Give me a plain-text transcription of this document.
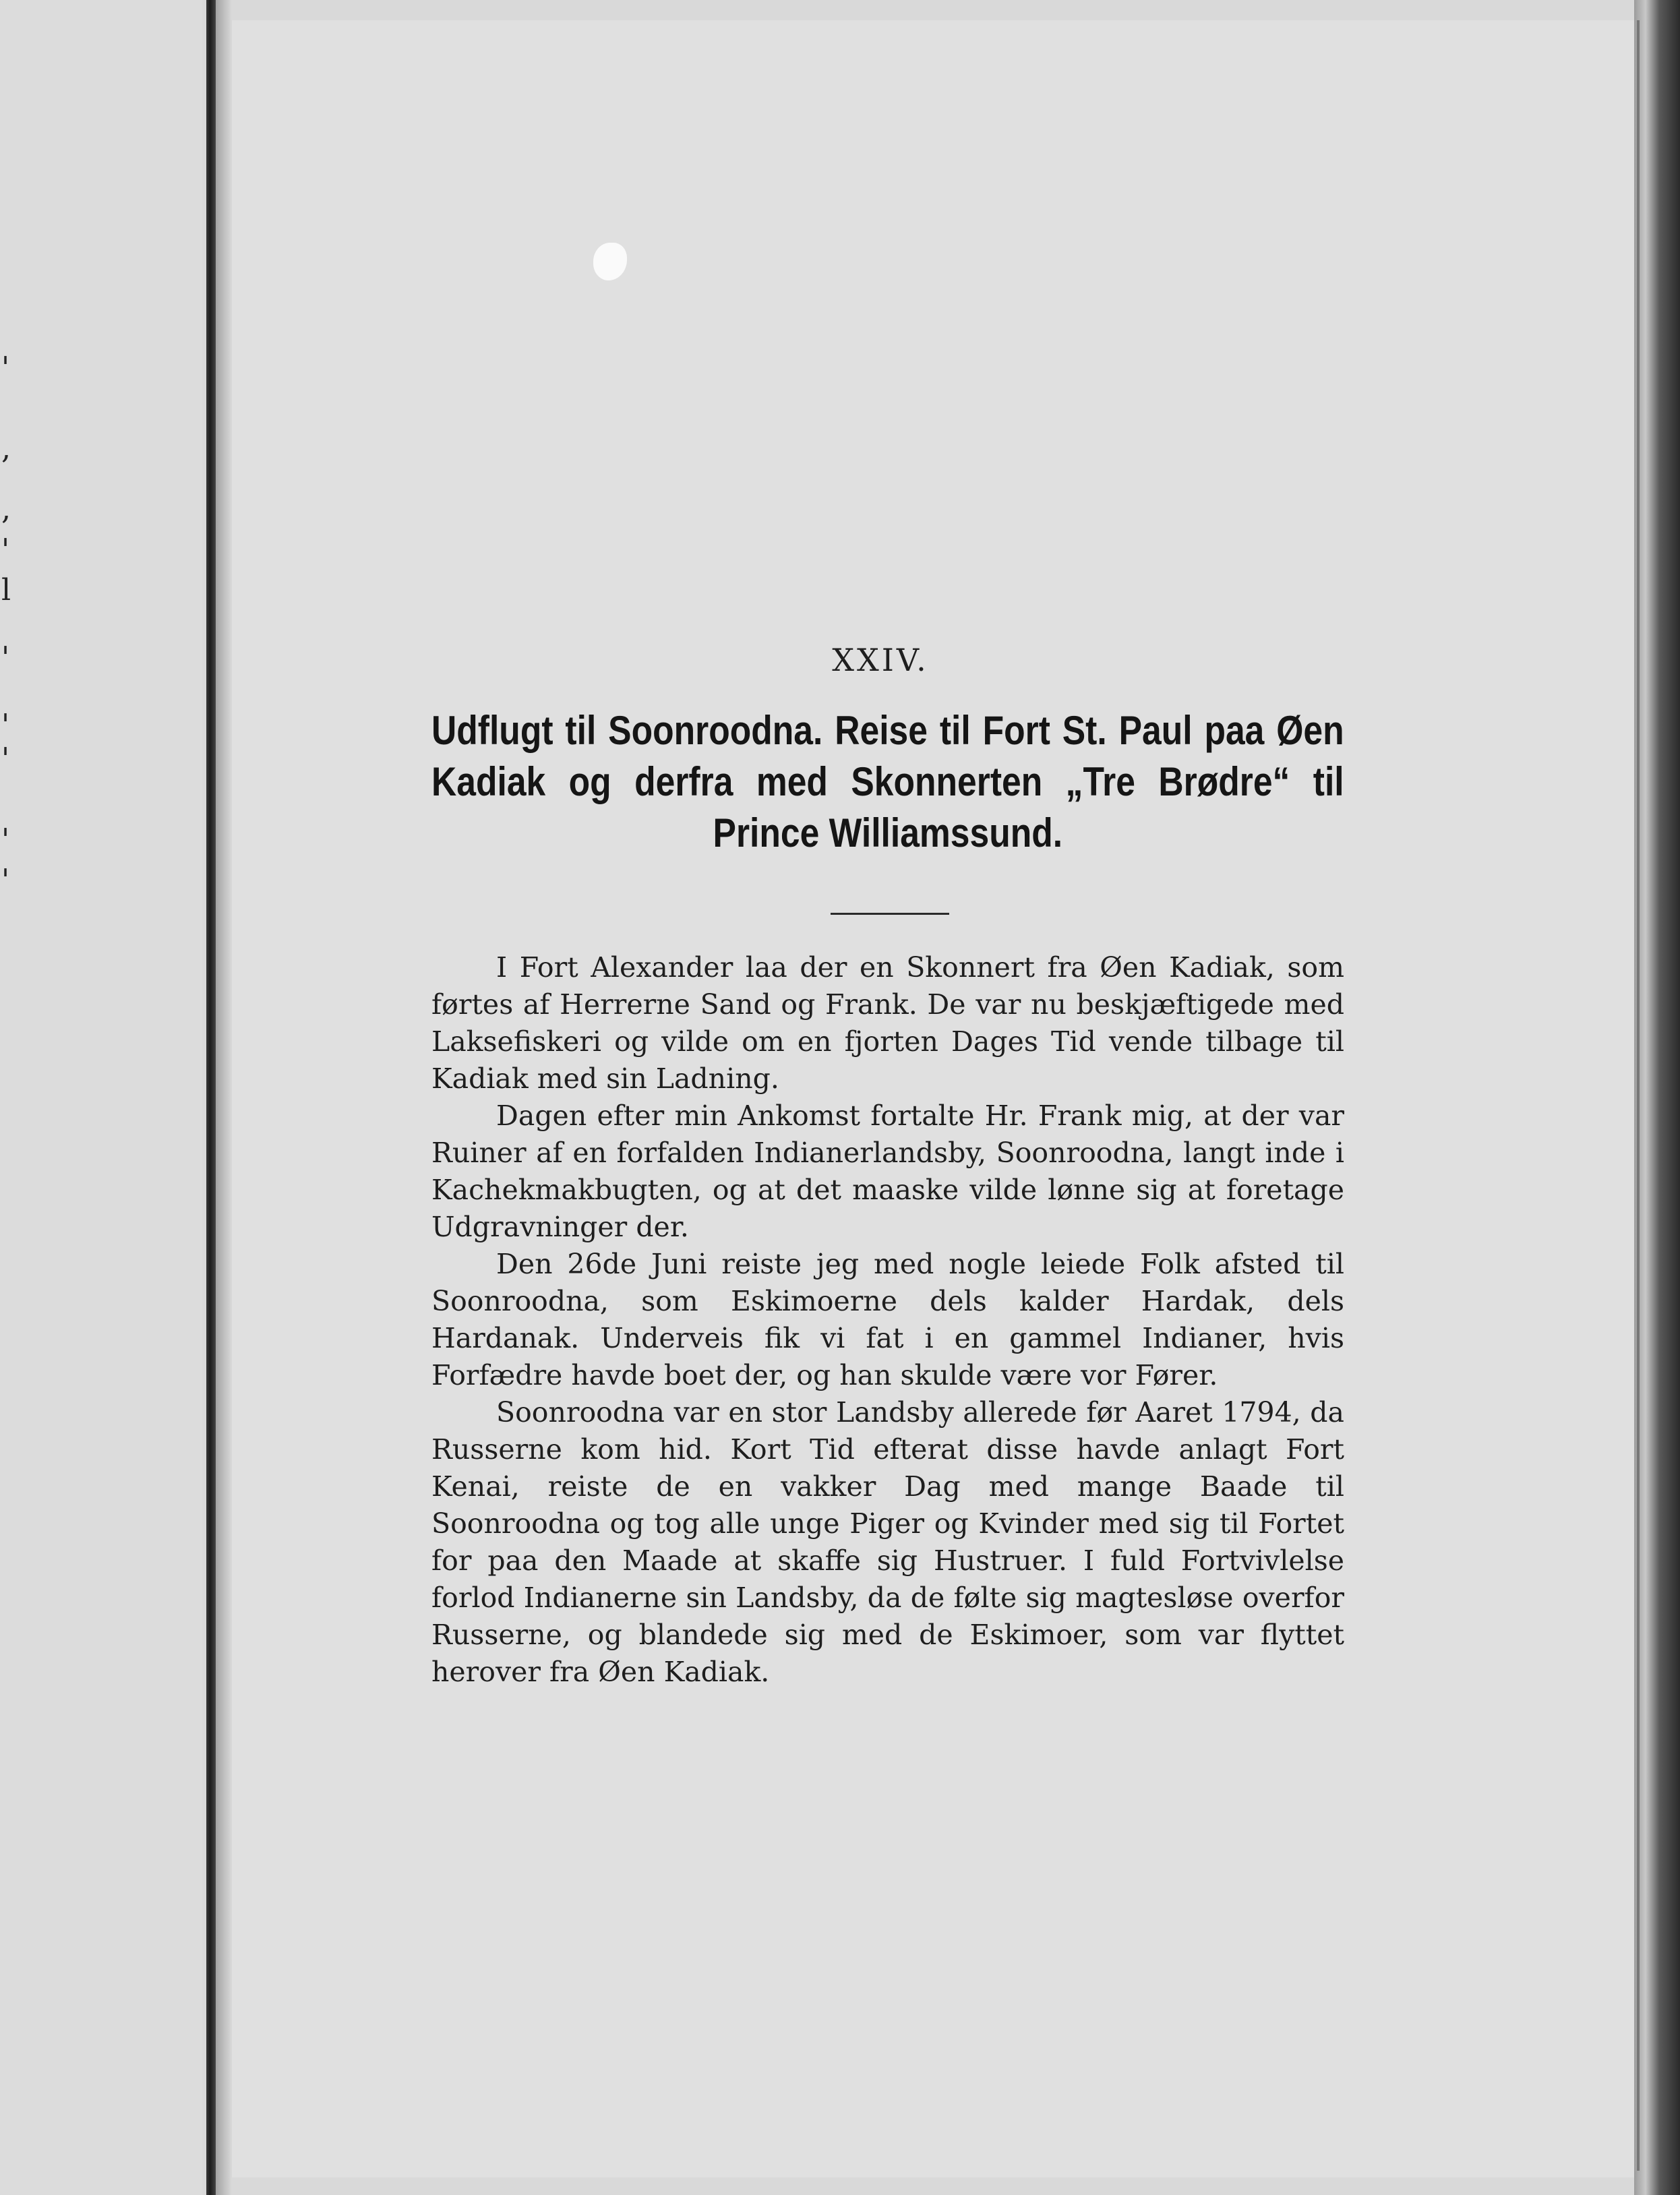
'
,
,
'
l
'
'
'
'
'
XXIV.
Udflugt til Soonroodna. Reise til Fort St. Paul paa Øen Kadiak og derfra med Skonnerten „Tre Brødre“ til Prince Williamssund.

I Fort Alexander laa der en Skonnert fra Øen Kadiak, som førtes af Herrerne Sand og Frank. De var nu beskjæftigede med Laksefiskeri og vilde om en fjorten Dages Tid vende tilbage til Kadiak med sin Ladning.

Dagen efter min Ankomst fortalte Hr. Frank mig, at der var Ruiner af en forfalden Indianerlandsby, Soonroodna, langt inde i Kachekmakbugten, og at det maaske vilde lønne sig at foretage Udgravninger der.

Den 26de Juni reiste jeg med nogle leiede Folk afsted til Soonroodna, som Eskimoerne dels kalder Hardak, dels Hardanak. Underveis fik vi fat i en gammel Indianer, hvis Forfædre havde boet der, og han skulde være vor Fører.

Soonroodna var en stor Landsby allerede før Aaret 1794, da Russerne kom hid. Kort Tid efterat disse havde anlagt Fort Kenai, reiste de en vakker Dag med mange Baade til Soonroodna og tog alle unge Piger og Kvinder med sig til Fortet for paa den Maade at skaffe sig Hustruer. I fuld Fortvivlelse forlod Indianerne sin Landsby, da de følte sig magtesløse overfor Russerne, og blandede sig med de Eskimoer, som var flyttet herover fra Øen Kadiak.
